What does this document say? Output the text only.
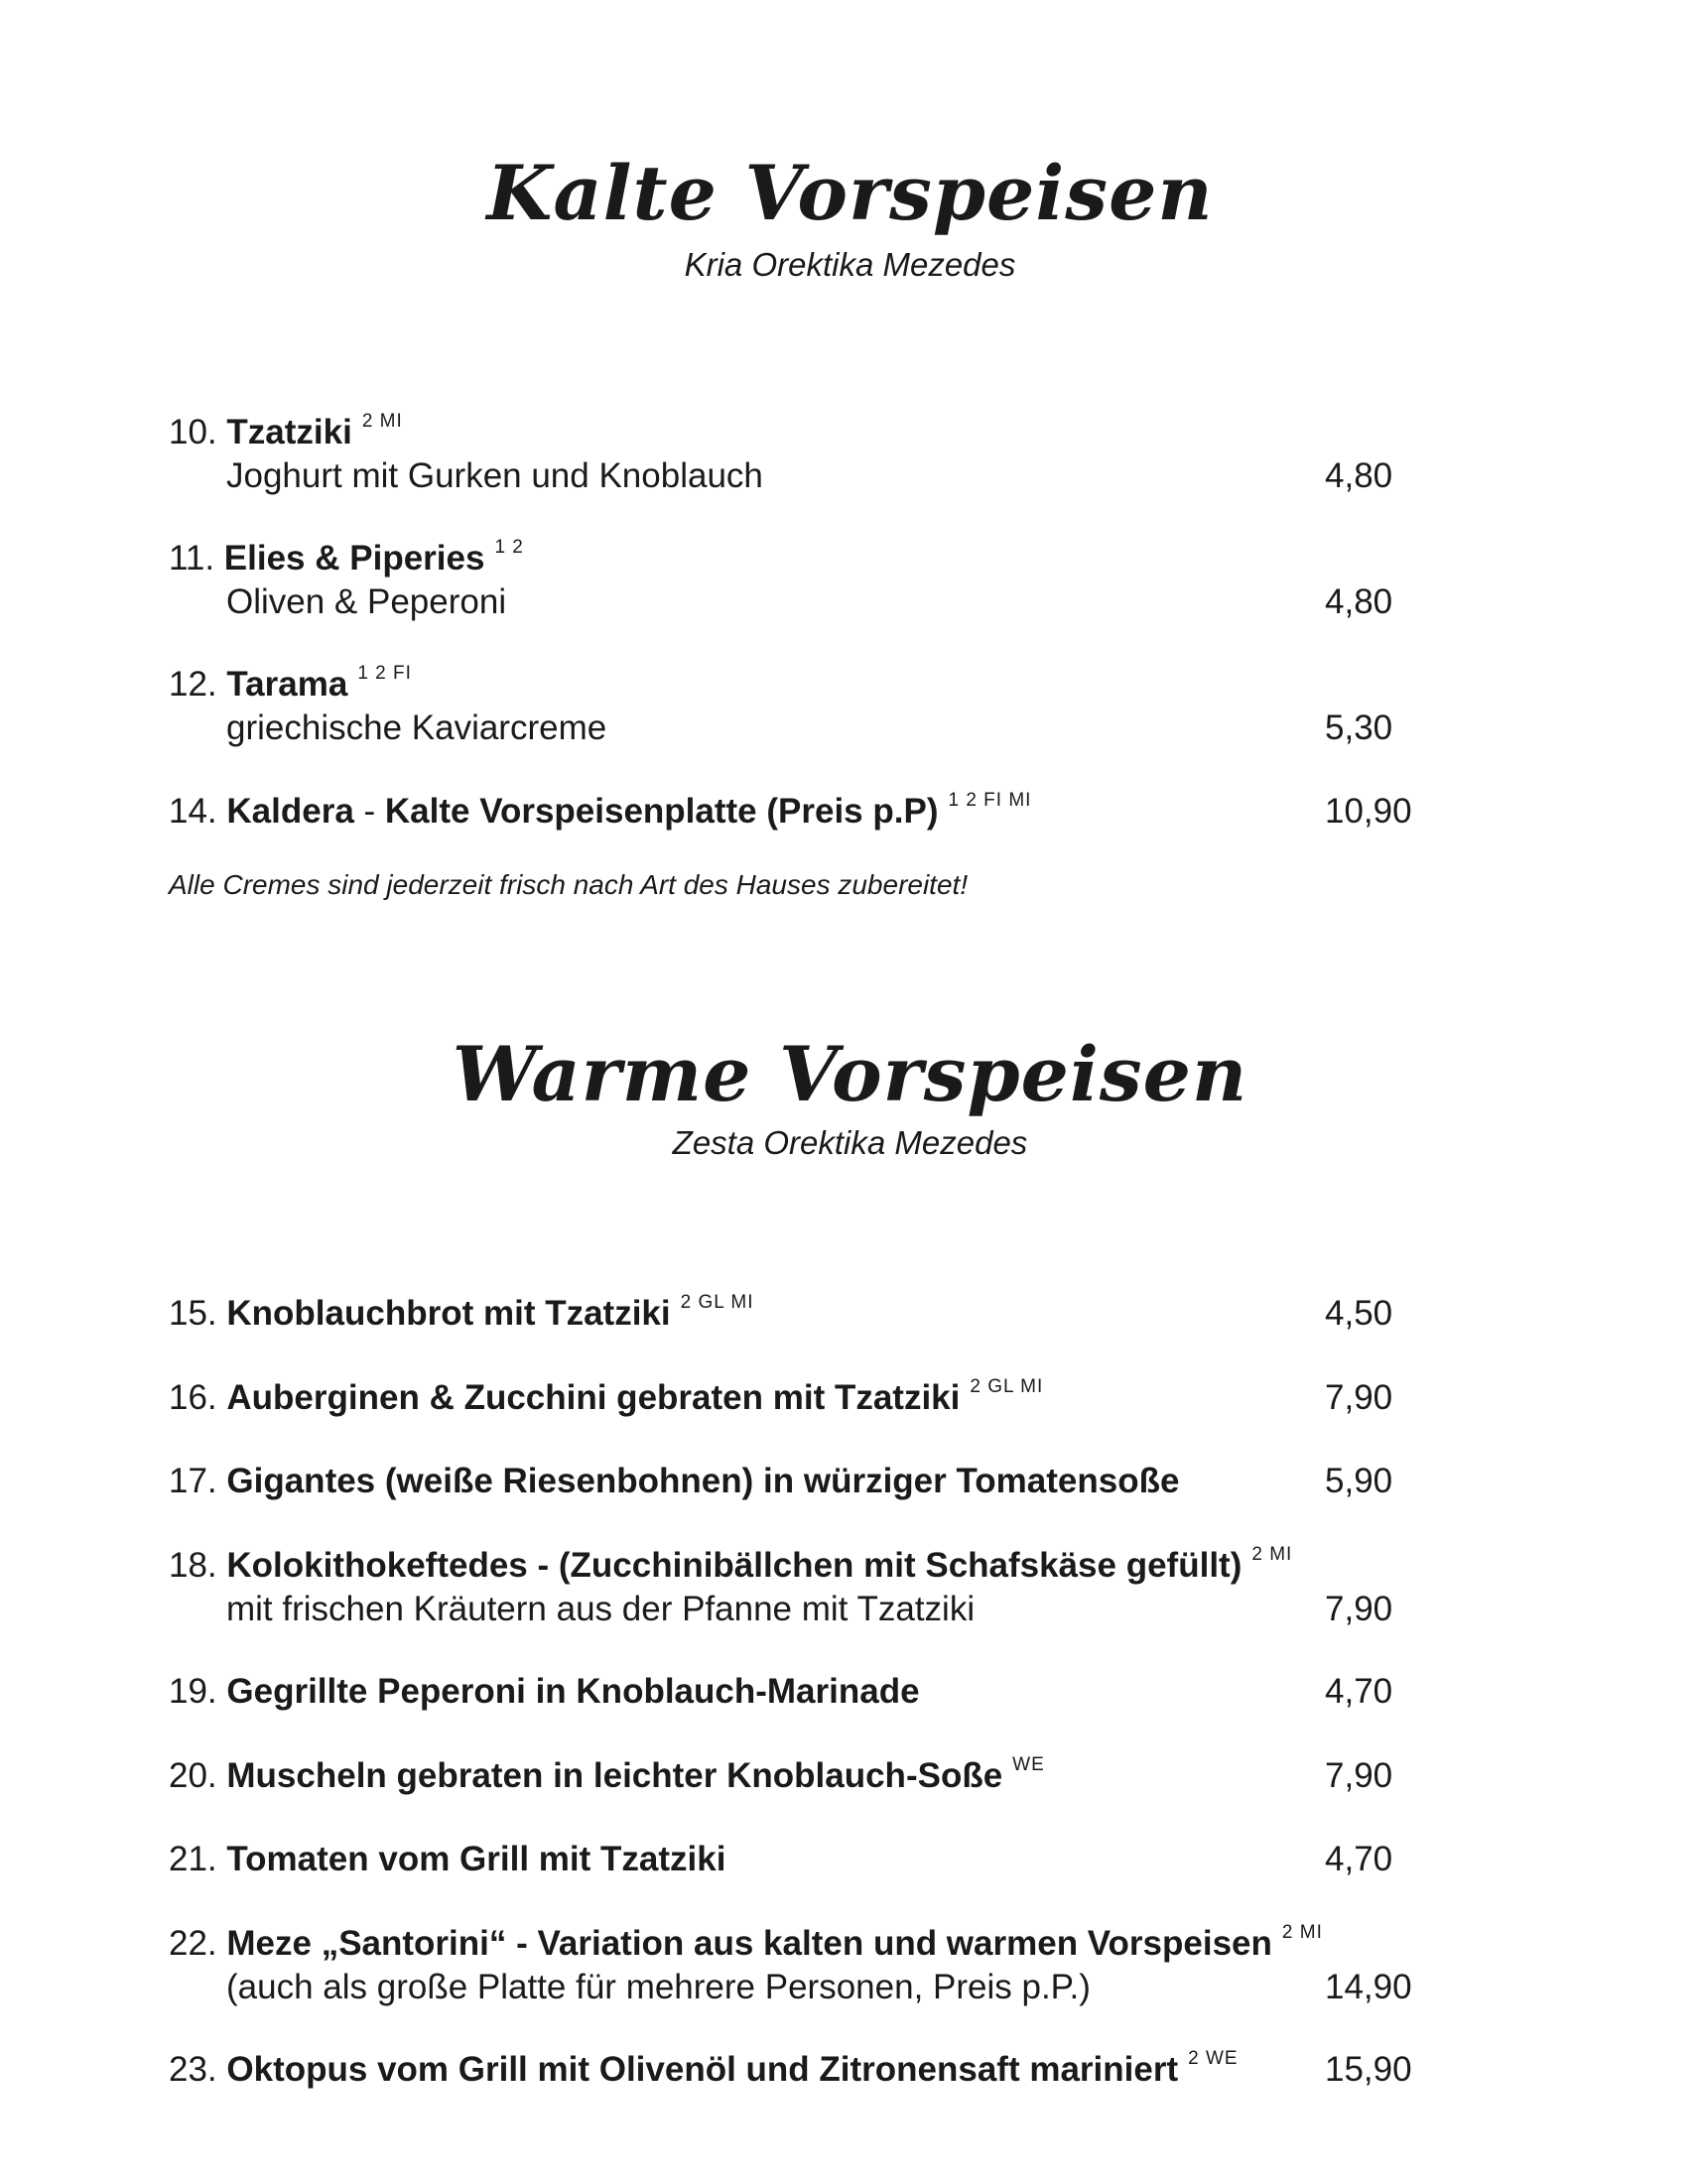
Kalte Vorspeisen

Kria Orektika Mezedes

10. Tzatziki $^{2 MI}$
Joghurt mit Gurken und Knoblauch	4,80
11. Elies & Piperies $^{1 2}$
Oliven & Peperoni	4,80
12. Tarama $^{1 2 FI}$
griechische Kaviarcreme	5,30
14. Kaldera - Kalte Vorspeisenplatte (Preis p.P) $^{1 2 FI MI}$	10,90

Alle Cremes sind jederzeit frisch nach Art des Hauses zubereitet!

Warme Vorspeisen

Zesta Orektika Mezedes

15. Knoblauchbrot mit Tzatziki $^{2 GL MI}$	4,50
16. Auberginen & Zucchini gebraten mit Tzatziki $^{2 GL MI}$	7,90
17. Gigantes (weiße Riesenbohnen) in würziger Tomatensoße	5,90
18. Kolokithokeftedes - (Zucchinibällchen mit Schafskäse gefüllt) $^{2 MI}$
mit frischen Kräutern aus der Pfanne mit Tzatziki	7,90
19. Gegrillte Peperoni in Knoblauch-Marinade	4,70
20. Muscheln gebraten in leichter Knoblauch-Soße $^{WE}$	7,90
21. Tomaten vom Grill mit Tzatziki	4,70
22. Meze „Santorini“ - Variation aus kalten und warmen Vorspeisen $^{2 MI}$
(auch als große Platte für mehrere Personen, Preis p.P.)	14,90
23. Oktopus vom Grill mit Olivenöl und Zitronensaft mariniert $^{2 WE}$ 15,90
